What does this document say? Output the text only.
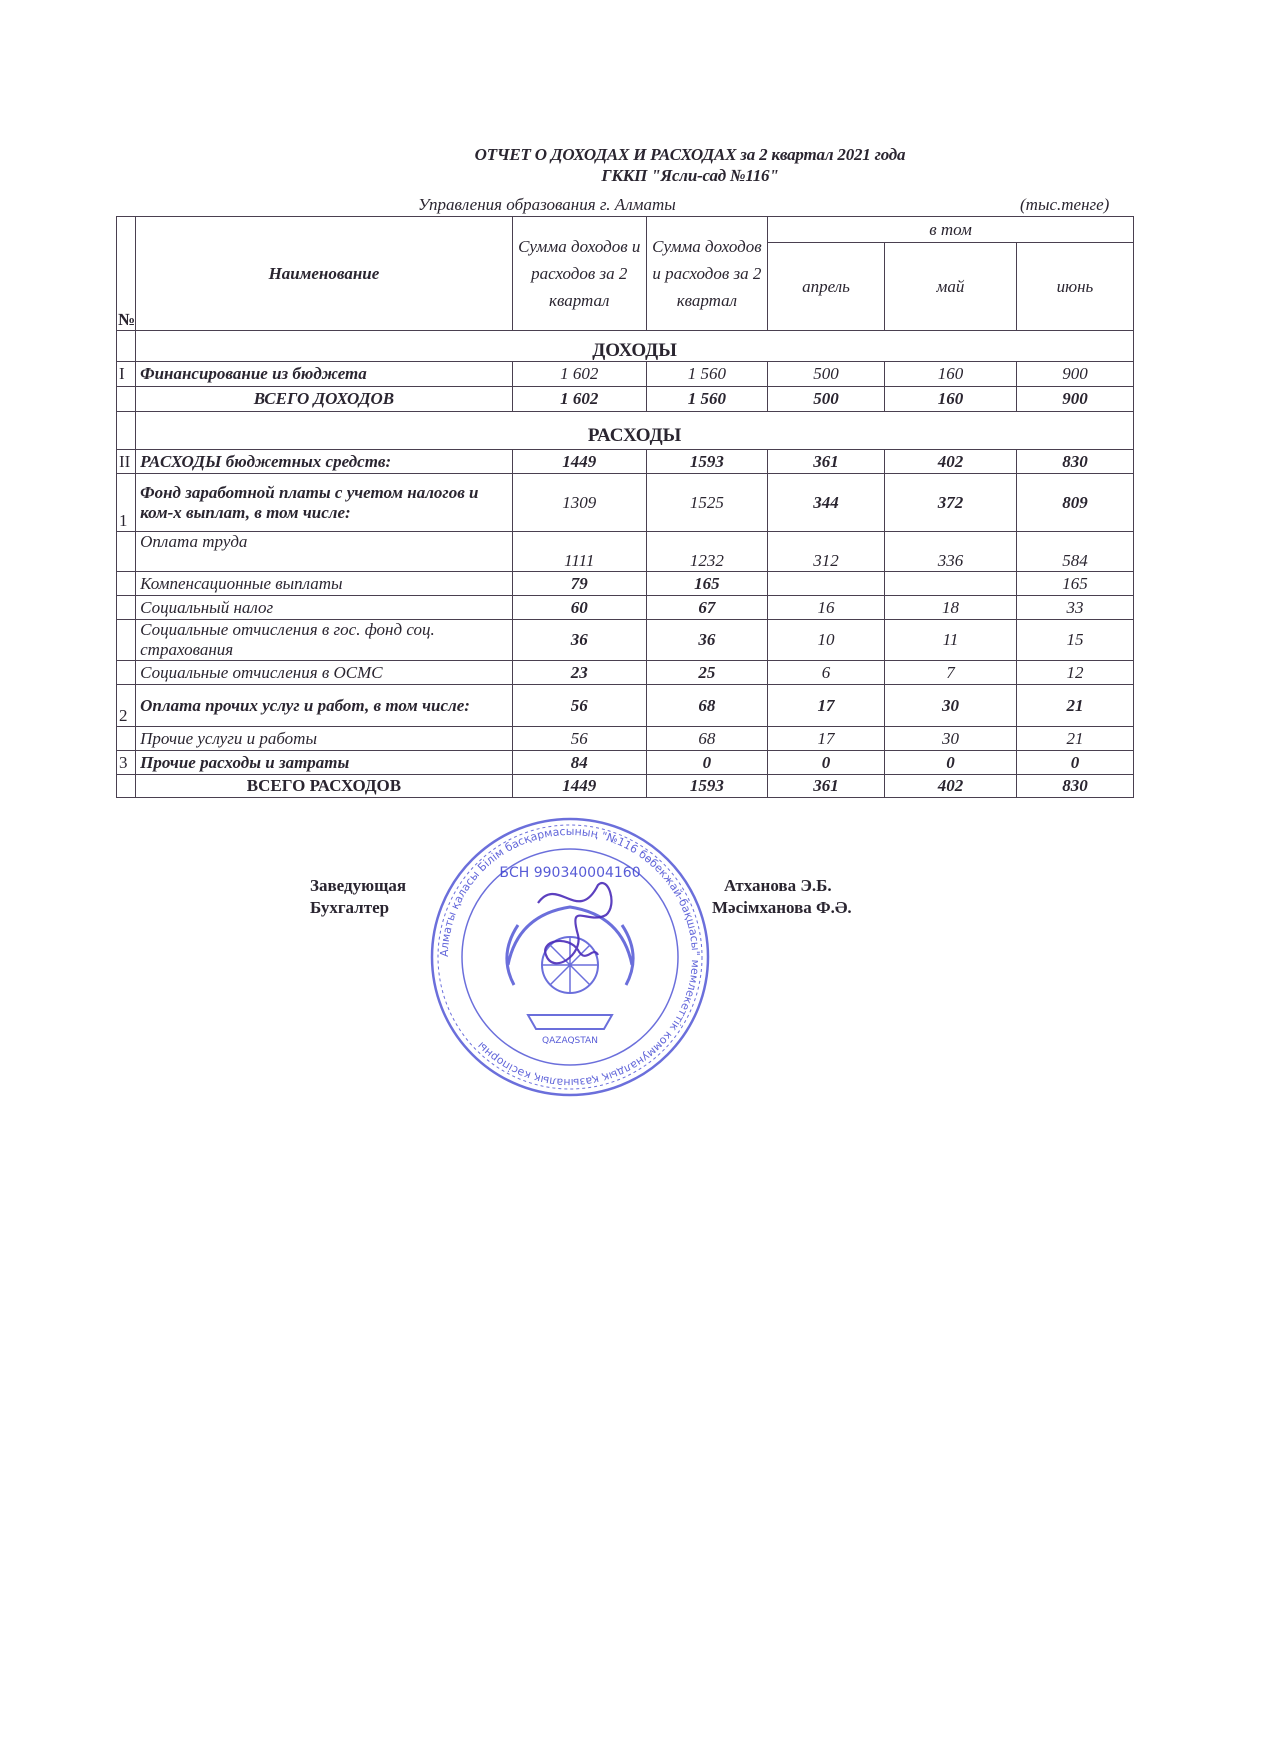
ОТЧЕТ О ДОХОДАХ И РАСХОДАХ за 2 квартал 2021 года
ГККП "Ясли-сад №116"
Управления образования г. Алматы	(тыс.тенге)
№	Наименование	Сумма доходов и расходов за 2 квартал	Сумма доходов и расходов за 2 квартал	в том		
				апрель	май	июнь
	ДОХОДЫ					
I	Финансирование из бюджета	1 602	1 560	500	160	900
	ВСЕГО ДОХОДОВ	1 602	1 560	500	160	900
	РАСХОДЫ					
II	РАСХОДЫ бюджетных средств:	1449	1593	361	402	830
1	Фонд заработной платы с учетом налогов и ком-х выплат, в том числе:	1309	1525	344	372	809
	Оплата труда	1111	1232	312	336	584
	Компенсационные выплаты	79	165			165
	Социальный налог	60	67	16	18	33
	Социальные отчисления в гос. фонд соц. страхования	36	36	10	11	15
	Социальные отчисления в ОСМС	23	25	6	7	12
2	Оплата прочих услуг и работ, в том числе:	56	68	17	30	21
	Прочие услуги и работы	56	68	17	30	21
3	Прочие расходы и затраты	84	0	0	0	0
	ВСЕГО РАСХОДОВ	1449	1593	361	402	830
Заведующая
Бухгалтер
Атханова Э.Б.
Мәсімханова Ф.Ә.
Алматы қаласы Білім басқармасының "№116 бөбекжай-бақшасы" мемлекеттік коммуналдық қазыналық кәсіпорны
БСН 990340004160
QAZAQSTAN
